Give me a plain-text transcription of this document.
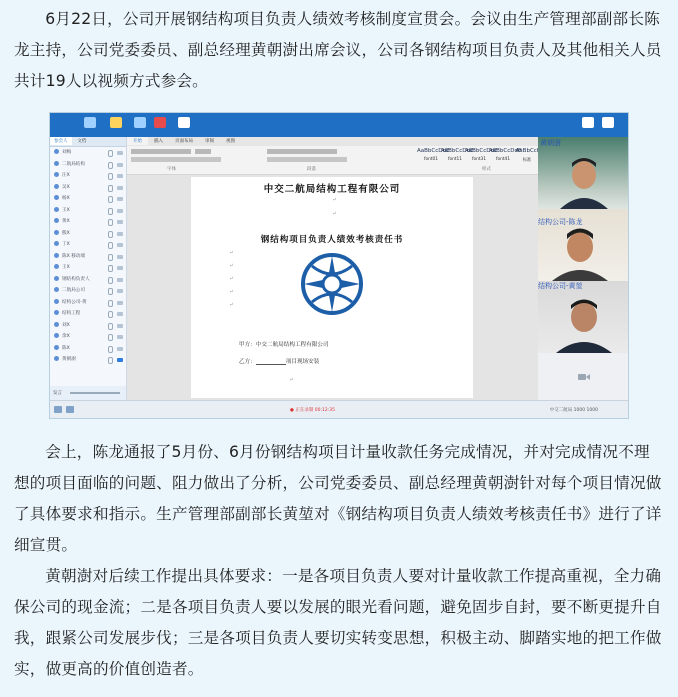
6月22日，公司开展钢结构项目负责人绩效考核制度宣贯会。会议由生产管理部副部长陈龙主持，公司党委委员、副总经理黄朝澍出席会议，公司各钢结构项目负责人及其他相关人员共计19人以视频方式参会。

参会人 文档
刘梅
二航局结构
汪X
吴X
杨X
王X
黄X
熊X
丁X
陈X 移动端
王X
钢结构负责人
二航局公司
结构公司-黄
结构工程
刘X
余X
陈X
黄朝澍
发言
开始	插入	页面布局	审阅	视图
字体	段落	样式
AaBbCcDdE
font01
AaBbCcDdE
font11
AaBbCcDdE
font31
AaBbCcDdE
font41
AaBbCcI
标准
中交二航局结构工程有限公司
↵
↵
钢结构项目负责人绩效考核责任书
↵
↵
↵
↵
↵
甲方：中交二航局结构工程有限公司
乙方：	项目现场安装
↵
黄朝澍
结构公司-陈龙
结构公司-黄堃
● 正在录制 00:12:35	中交二航局 1000 1000

会上，陈龙通报了5月份、6月份钢结构项目计量收款任务完成情况，并对完成情况不理想的项目面临的问题、阻力做出了分析，公司党委委员、副总经理黄朝澍针对每个项目情况做了具体要求和指示。生产管理部副部长黄堃对《钢结构项目负责人绩效考核责任书》进行了详细宣贯。

黄朝澍对后续工作提出具体要求：一是各项目负责人要对计量收款工作提高重视，全力确保公司的现金流；二是各项目负责人要以发展的眼光看问题，避免固步自封，要不断更提升自我，跟紧公司发展步伐；三是各项目负责人要切实转变思想，积极主动、脚踏实地的把工作做实，做更高的价值创造者。
